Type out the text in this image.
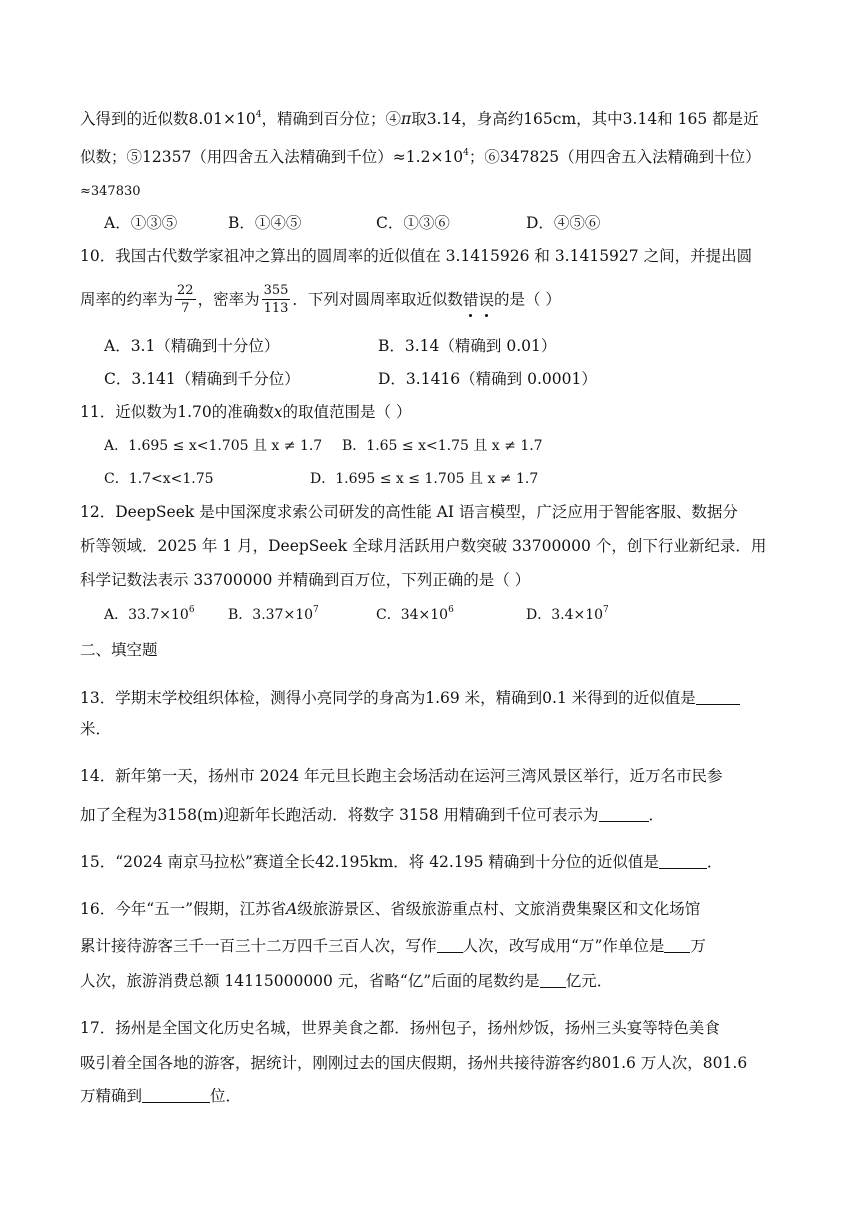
入得到的近似数$8.01\times 10^4$，精确到百分位；④π取3.14，身高约165cm，其中3.14和 165 都是近
似数；⑤12357（用四舍五入法精确到千位）$\approx 1.2\times 10^4$；⑥347825（用四舍五入法精确到十位）
≈347830
A．①③⑤	B．①④⑤	C．①③⑥	D．④⑤⑥
10．我国古代数学家祖冲之算出的圆周率的近似值在 3.1415926 和 3.1415927 之间，并提出圆
周率的约率为 $\frac{22}{7}$ ，密率为 $\frac{355}{113}$ ．下列对圆周率取近似数错误的是（ ）
A．3.1（精确到十分位）	B．3.14（精确到 0.01）
C．3.141（精确到千分位）	D．3.1416（精确到 0.0001）
11．近似数为1.70的准确数x的取值范围是（ ）
A．1.695 ≤ x<1.705 且 x ≠ 1.7 B．1.65 ≤ x<1.75 且 x ≠ 1.7
C．1.7<x<1.75	D．1.695 ≤ x ≤ 1.705 且 x ≠ 1.7
12．DeepSeek 是中国深度求索公司研发的高性能 AI 语言模型，广泛应用于智能客服、数据分
析等领域．2025 年 1 月，DeepSeek 全球月活跃用户数突破 33700000 个，创下行业新纪录．用
科学记数法表示 33700000 并精确到百万位，下列正确的是（ ）
A．$33.7\times 10^6$ B．$3.37\times 10^7$	C．$34\times 10^6$	D．$3.4\times 10^7$
二、填空题
13．学期末学校组织体检，测得小亮同学的身高为1.69 米，精确到0.1 米得到的近似值是
米．
14．新年第一天，扬州市 2024 年元旦长跑主会场活动在运河三湾风景区举行，近万名市民参
加了全程为3158(m)迎新年长跑活动．将数字 3158 用精确到千位可表示为	．
15．“2024 南京马拉松”赛道全长42.195km．将 42.195 精确到十分位的近似值是	．
16．今年“五一”假期，江苏省A级旅游景区、省级旅游重点村、文旅消费集聚区和文化场馆
累计接待游客三千一百三十二万四千三百人次，写作 人次，改写成用“万”作单位是 万
人次，旅游消费总额 14115000000 元，省略“亿”后面的尾数约是 亿元．
17．扬州是全国文化历史名城，世界美食之都．扬州包子，扬州炒饭，扬州三头宴等特色美食
吸引着全国各地的游客，据统计，刚刚过去的国庆假期，扬州共接待游客约801.6 万人次，801.6
万精确到	位．
